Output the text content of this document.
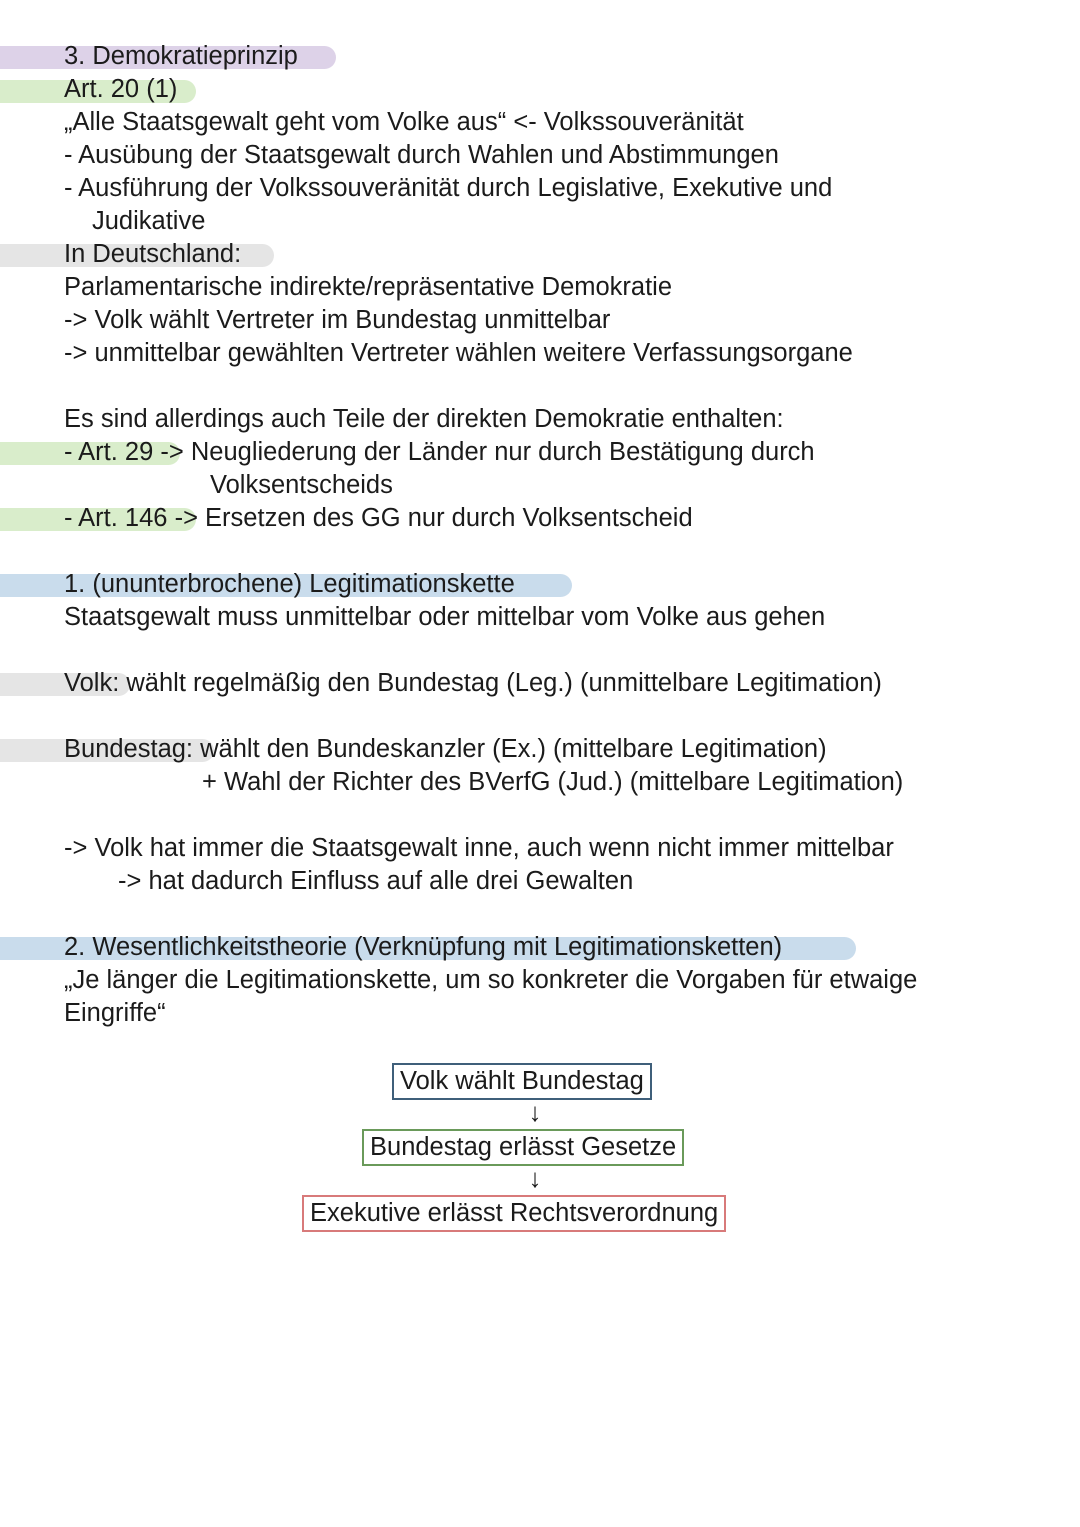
3. Demokratieprinzip

Art. 20 (1)

„Alle Staatsgewalt geht vom Volke aus“ <- Volkssouveränität

- Ausübung der Staatsgewalt durch Wahlen und Abstimmungen

- Ausführung der Volkssouveränität durch Legislative, Exekutive und

Judikative

In Deutschland:

Parlamentarische indirekte/repräsentative Demokratie

-> Volk wählt Vertreter im Bundestag unmittelbar

-> unmittelbar gewählten Vertreter wählen weitere Verfassungsorgane

Es sind allerdings auch Teile der direkten Demokratie enthalten:

- Art. 29 -> Neugliederung der Länder nur durch Bestätigung durch

Volksentscheids

- Art. 146 -> Ersetzen des GG nur durch Volksentscheid

1. (ununterbrochene) Legitimationskette

Staatsgewalt muss unmittelbar oder mittelbar vom Volke aus gehen

Volk: wählt regelmäßig den Bundestag (Leg.) (unmittelbare Legitimation)

Bundestag: wählt den Bundeskanzler (Ex.) (mittelbare Legitimation)

+ Wahl der Richter des BVerfG (Jud.) (mittelbare Legitimation)

-> Volk hat immer die Staatsgewalt inne, auch wenn nicht immer mittelbar

-> hat dadurch Einfluss auf alle drei Gewalten

2. Wesentlichkeitstheorie (Verknüpfung mit Legitimationsketten)

„Je länger die Legitimationskette, um so konkreter die Vorgaben für etwaige

Eingriffe“

Volk wählt Bundestag
↓
Bundestag erlässt Gesetze
↓
Exekutive erlässt Rechtsverordnung
